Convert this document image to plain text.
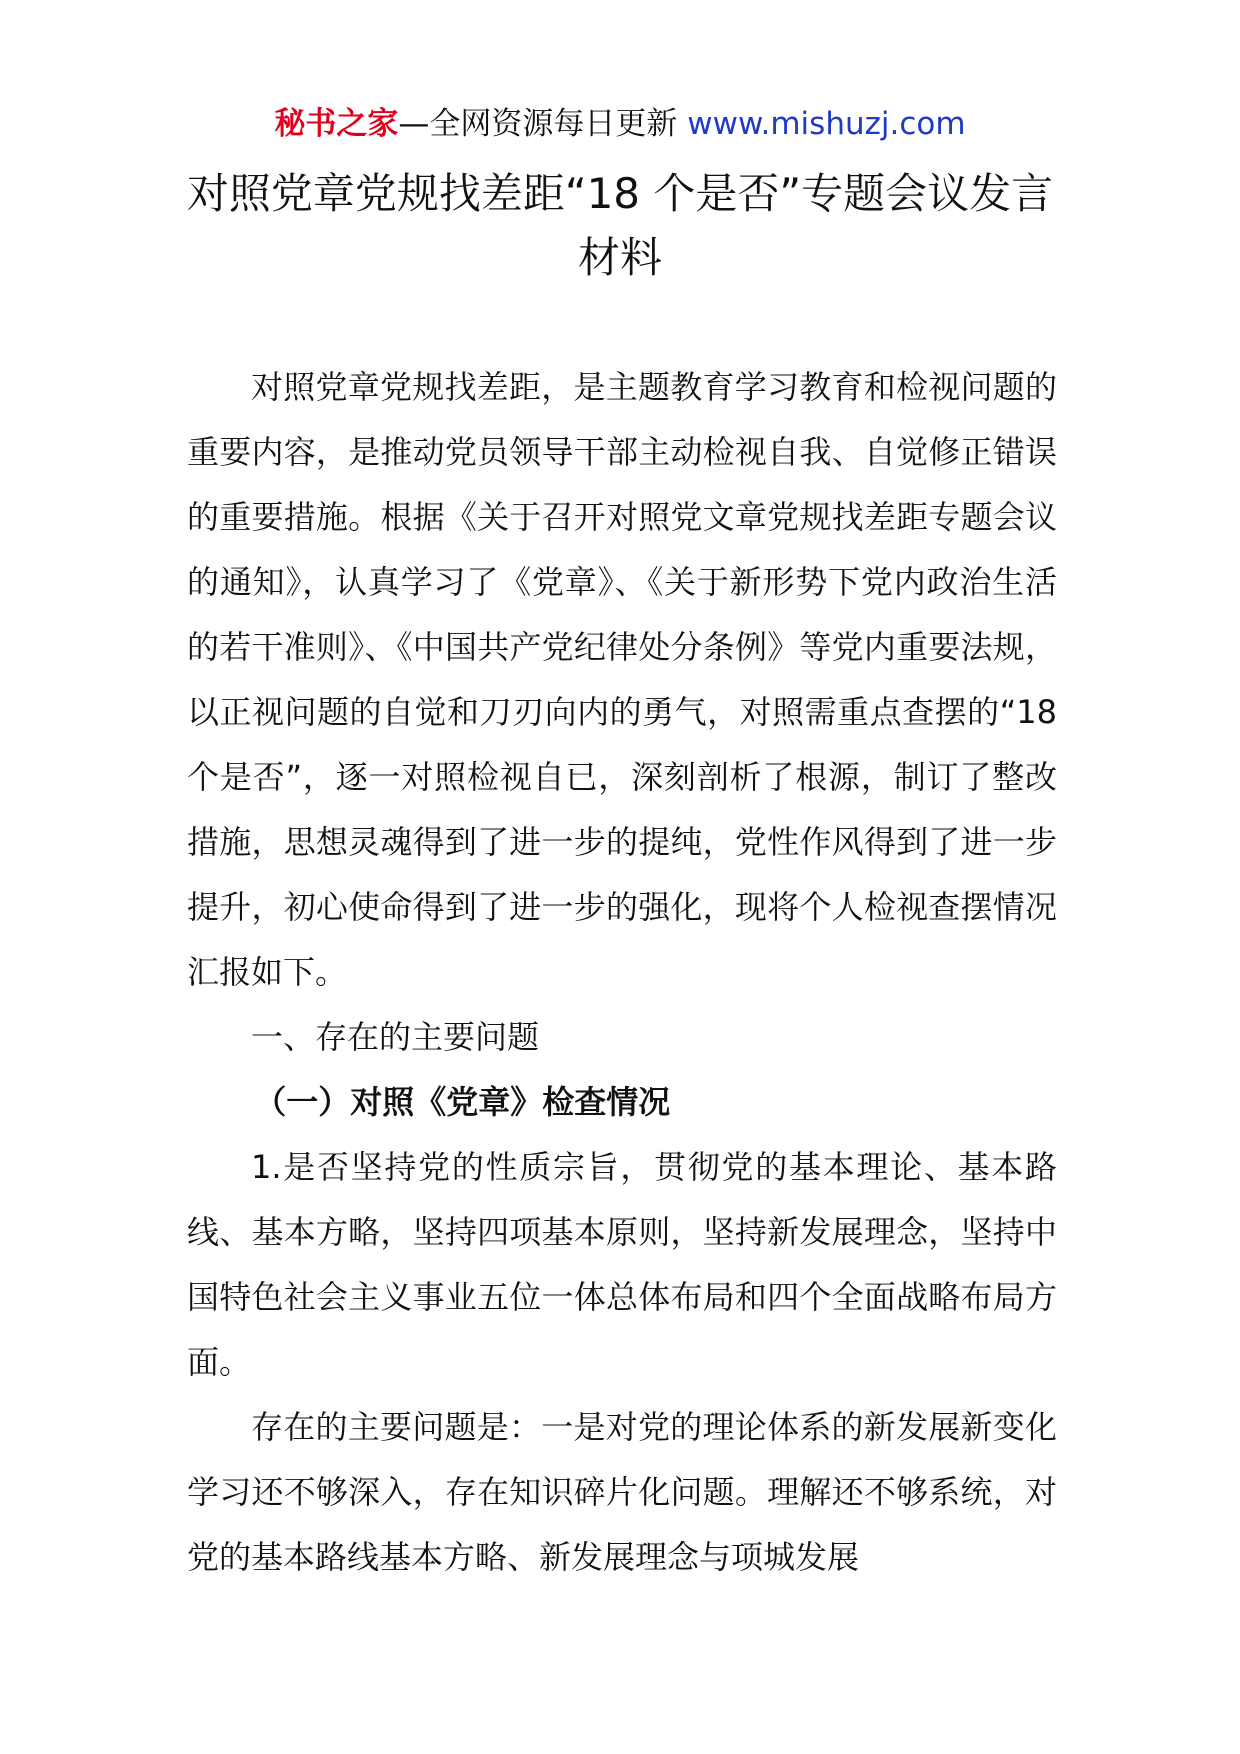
秘书之家—全网资源每日更新 www.mishuzj.com
对照党章党规找差距“18 个是否”专题会议发言材料

对照党章党规找差距，是主题教育学习教育和检视问题的重要内容，是推动党员领导干部主动检视自我、自觉修正错误的重要措施。根据《关于召开对照党文章党规找差距专题会议的通知》，认真学习了《党章》、《关于新形势下党内政治生活的若干准则》、《中国共产党纪律处分条例》等党内重要法规，以正视问题的自觉和刀刃向内的勇气，对照需重点查摆的“18 个是否”，逐一对照检视自已，深刻剖析了根源，制订了整改措施，思想灵魂得到了进一步的提纯，党性作风得到了进一步提升，初心使命得到了进一步的强化，现将个人检视查摆情况汇报如下。

一、存在的主要问题

（一）对照《党章》检查情况

1.是否坚持党的性质宗旨，贯彻党的基本理论、基本路线、基本方略，坚持四项基本原则，坚持新发展理念，坚持中国特色社会主义事业五位一体总体布局和四个全面战略布局方面。

存在的主要问题是：一是对党的理论体系的新发展新变化学习还不够深入，存在知识碎片化问题。理解还不够系统，对党的基本路线基本方略、新发展理念与项城发展
